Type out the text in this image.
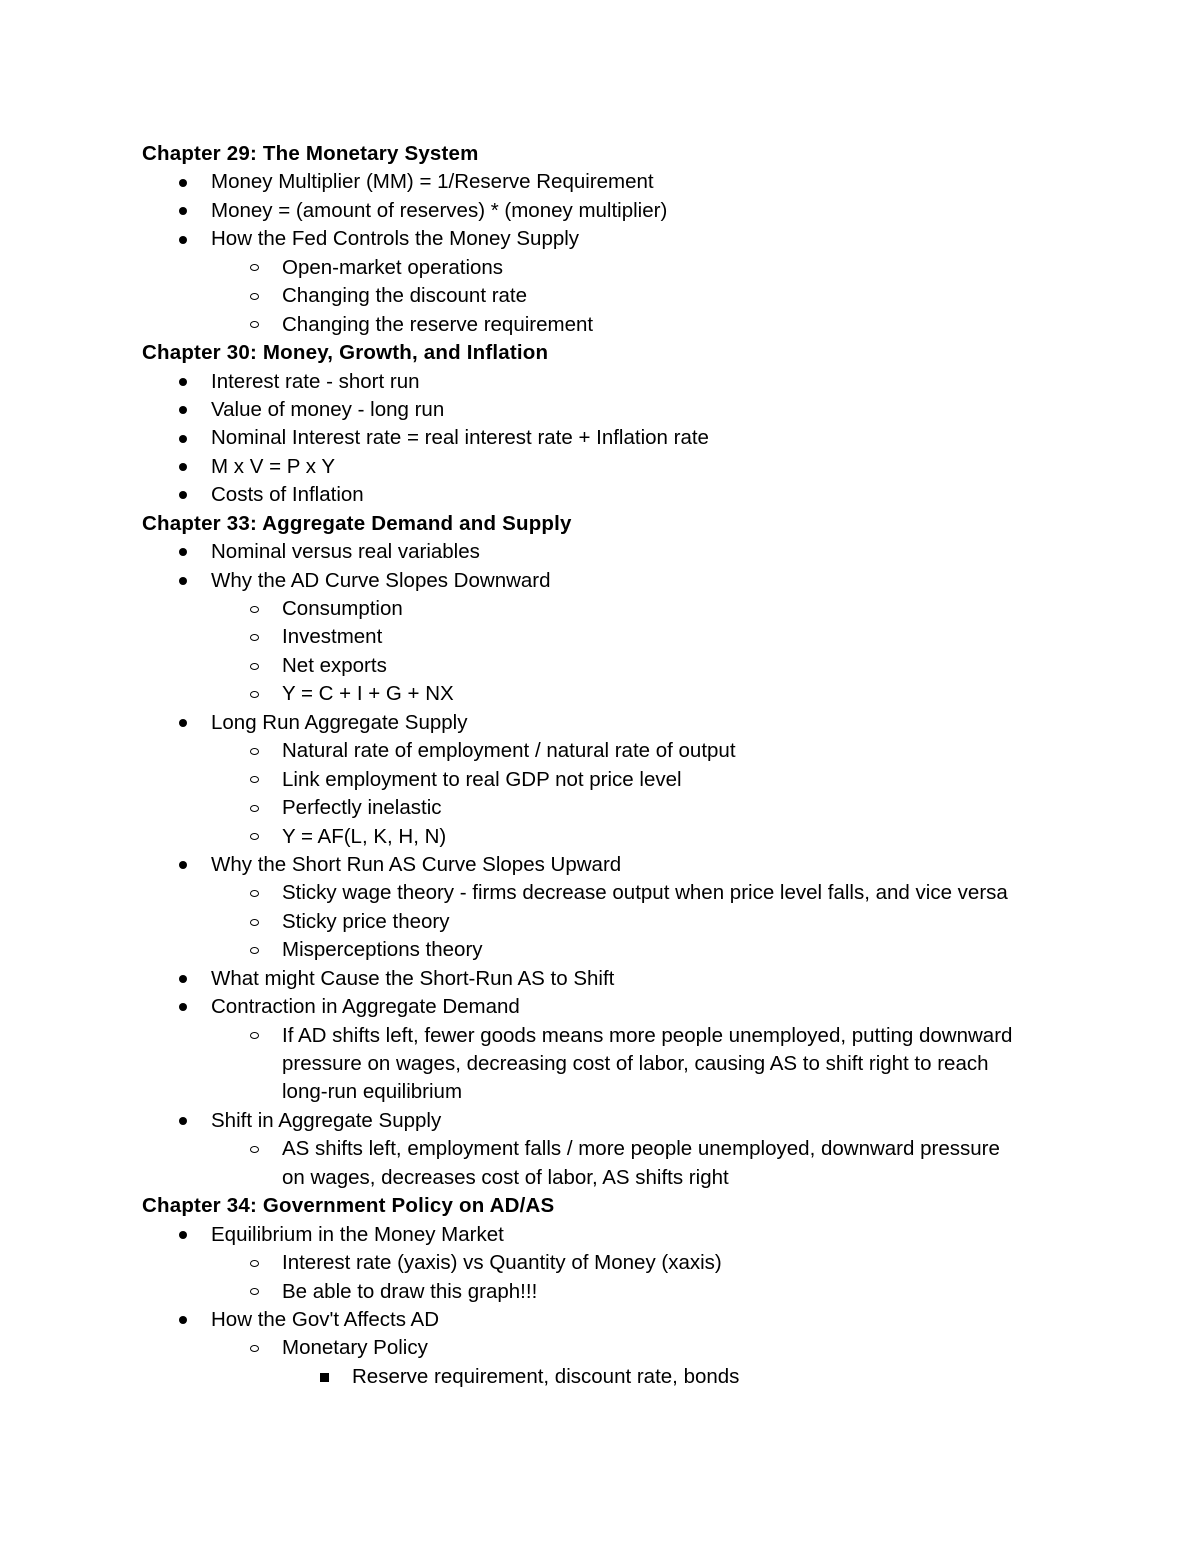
Chapter 29: The Monetary System
Money Multiplier (MM) = 1/Reserve Requirement
Money = (amount of reserves) * (money multiplier)
How the Fed Controls the Money Supply
Open-market operations
Changing the discount rate
Changing the reserve requirement
Chapter 30: Money, Growth, and Inflation
Interest rate - short run
Value of money - long run
Nominal Interest rate = real interest rate + Inflation rate
M x V = P x Y
Costs of Inflation
Chapter 33: Aggregate Demand and Supply
Nominal versus real variables
Why the AD Curve Slopes Downward
Consumption
Investment
Net exports
Y = C + I + G + NX
Long Run Aggregate Supply
Natural rate of employment / natural rate of output
Link employment to real GDP not price level
Perfectly inelastic
Y = AF(L, K, H, N)
Why the Short Run AS Curve Slopes Upward
Sticky wage theory - firms decrease output when price level falls, and vice versa
Sticky price theory
Misperceptions theory
What might Cause the Short-Run AS to Shift
Contraction in Aggregate Demand
If AD shifts left, fewer goods means more people unemployed, putting downward
pressure on wages, decreasing cost of labor, causing AS to shift right to reach
long-run equilibrium
Shift in Aggregate Supply
AS shifts left, employment falls / more people unemployed, downward pressure
on wages, decreases cost of labor, AS shifts right
Chapter 34: Government Policy on AD/AS
Equilibrium in the Money Market
Interest rate (yaxis) vs Quantity of Money (xaxis)
Be able to draw this graph!!!
How the Gov't Affects AD
Monetary Policy
Reserve requirement, discount rate, bonds
